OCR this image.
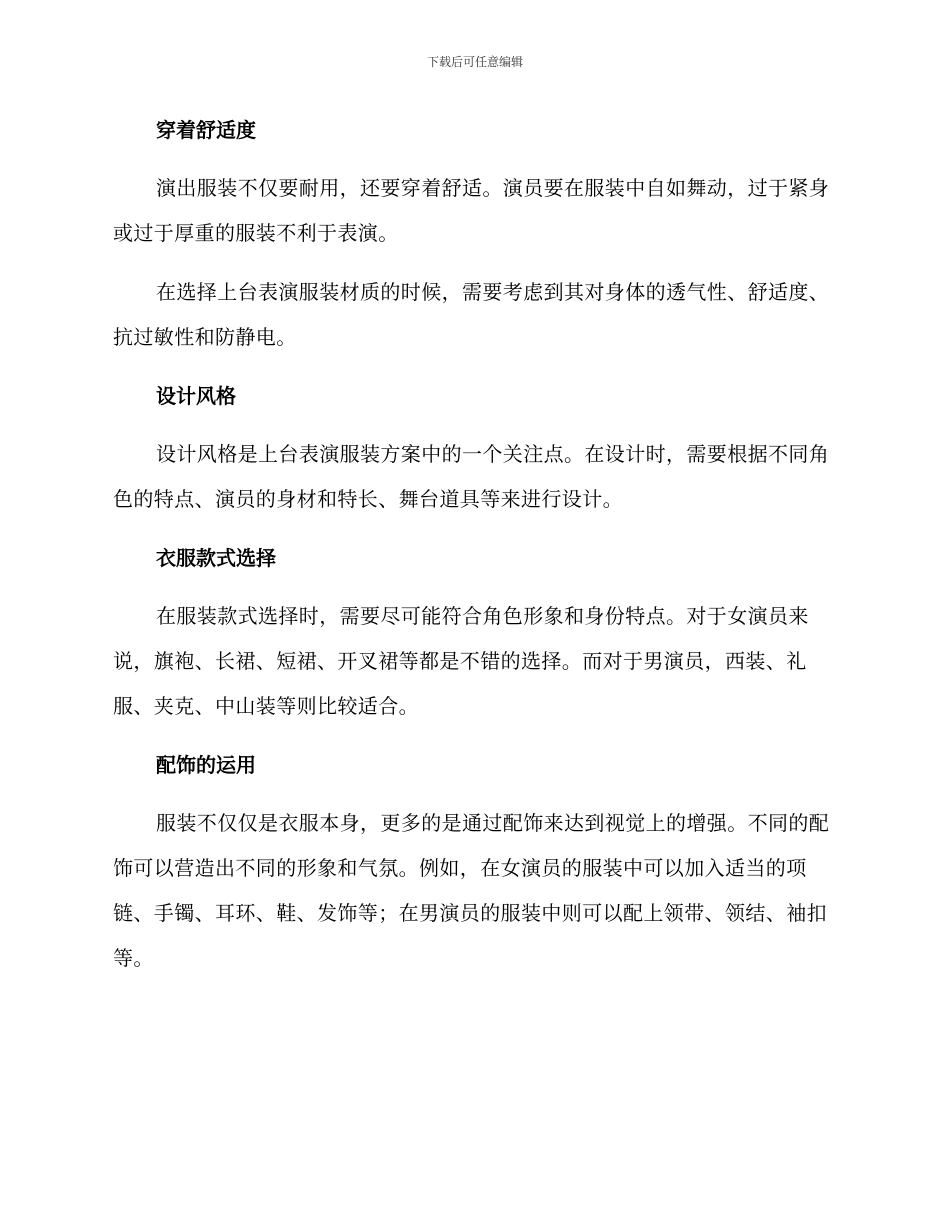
下载后可任意编辑
穿着舒适度

演出服装不仅要耐用，还要穿着舒适。演员要在服装中自如舞动，过于紧身或过于厚重的服装不利于表演。

在选择上台表演服装材质的时候，需要考虑到其对身体的透气性、舒适度、抗过敏性和防静电。

设计风格

设计风格是上台表演服装方案中的一个关注点。在设计时，需要根据不同角色的特点、演员的身材和特长、舞台道具等来进行设计。

衣服款式选择

在服装款式选择时，需要尽可能符合角色形象和身份特点。对于女演员来说，旗袍、长裙、短裙、开叉裙等都是不错的选择。而对于男演员，西装、礼服、夹克、中山装等则比较适合。

配饰的运用

服装不仅仅是衣服本身，更多的是通过配饰来达到视觉上的增强。不同的配饰可以营造出不同的形象和气氛。例如，在女演员的服装中可以加入适当的项链、手镯、耳环、鞋、发饰等；在男演员的服装中则可以配上领带、领结、袖扣等。
